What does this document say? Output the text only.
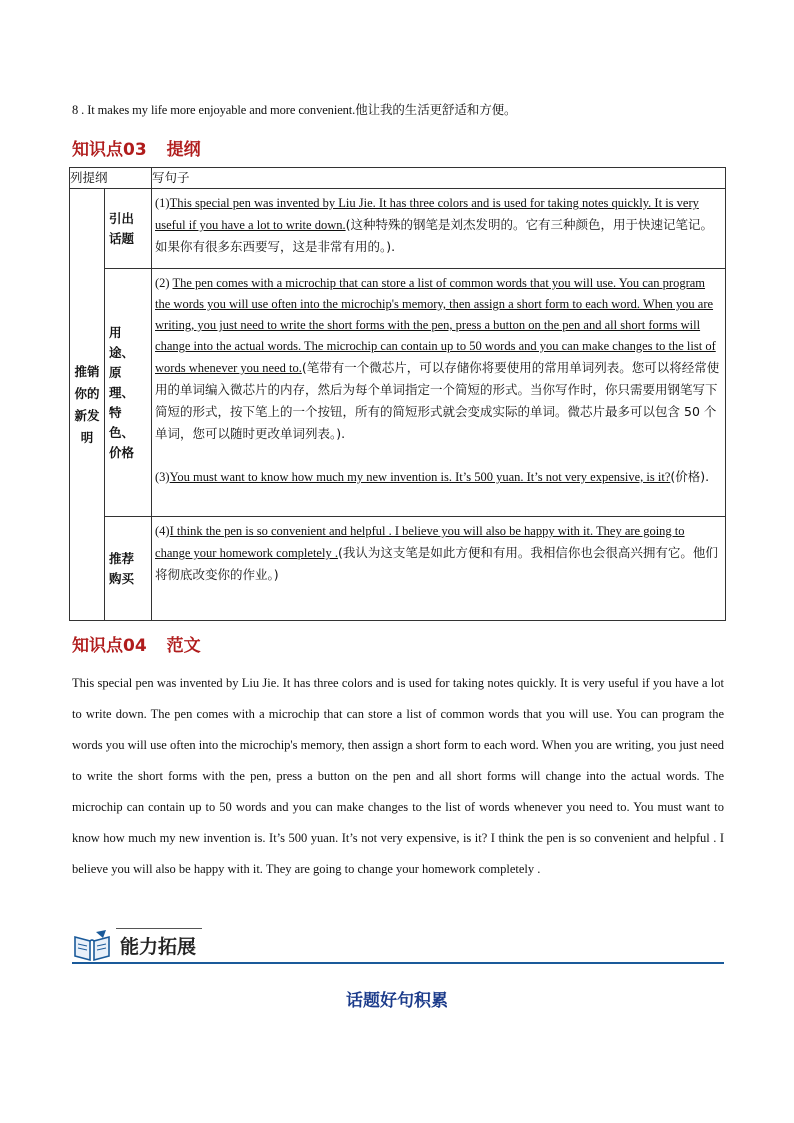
8 . It makes my life more enjoyable and more convenient.他让我的生活更舒适和方便。
知识点03 提纲
列提纲		写句子

推销你的新发明	引出话题	(1)This special pen was invented by Liu Jie. It has three colors and is used for taking notes quickly. It is very useful if you have a lot to write down.(这种特殊的钢笔是刘杰发明的。它有三种颜色，用于快速记笔记。如果你有很多东西要写，这是非常有用的。).

	用途、原理、特色、价格	(2) The pen comes with a microchip that can store a list of common words that you will use. You can program the words you will use often into the microchip's memory, then assign a short form to each word. When you are writing, you just need to write the short forms with the pen, press a button on the pen and all short forms will change into the actual words. The microchip can contain up to 50 words and you can make changes to the list of words whenever you need to.(笔带有一个微芯片，可以存储你将要使用的常用单词列表。您可以将经常使用的单词编入微芯片的内存，然后为每个单词指定一个简短的形式。当你写作时，你只需要用钢笔写下简短的形式，按下笔上的一个按钮，所有的简短形式就会变成实际的单词。微芯片最多可以包含 50 个单词，您可以随时更改单词列表。).
(3)You must want to know how much my new invention is. It’s 500 yuan. It’s not very expensive, is it?(价格).

	推荐购买	(4)I think the pen is so convenient and helpful . I believe you will also be happy with it. They are going to change your homework completely .(我认为这支笔是如此方便和有用。我相信你也会很高兴拥有它。他们将彻底改变你的作业。)
知识点04 范文
This special pen was invented by Liu Jie. It has three colors and is used for taking notes quickly. It is very useful if you have a lot to write down. The pen comes with a microchip that can store a list of common words that you will use. You can program the words you will use often into the microchip's memory, then assign a short form to each word. When you are writing, you just need to write the short forms with the pen, press a button on the pen and all short forms will change into the actual words. The microchip can contain up to 50 words and you can make changes to the list of words whenever you need to. You must want to know how much my new invention is. It’s 500 yuan. It’s not very expensive, is it? I think the pen is so convenient and helpful . I believe you will also be happy with it. They are going to change your homework completely .
能力拓展
话题好句积累
